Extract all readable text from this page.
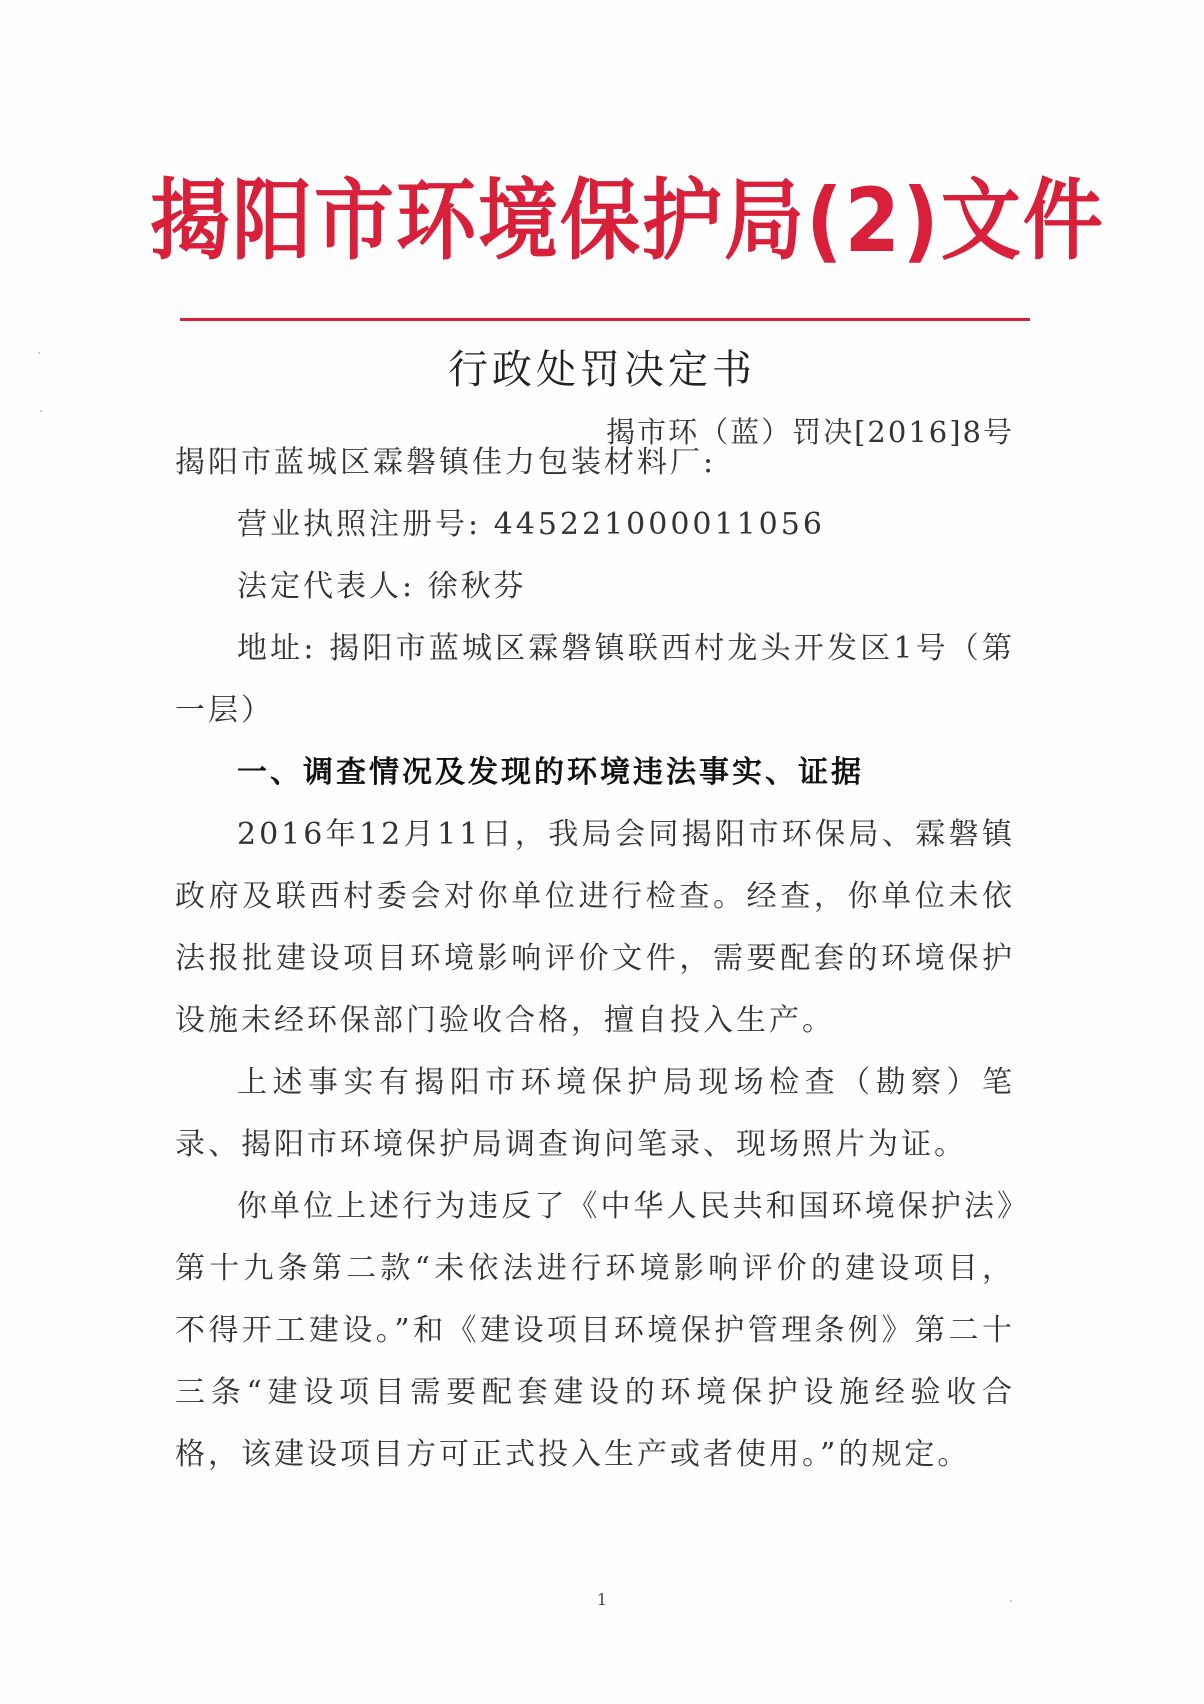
揭阳市环境保护局(2)文件
行政处罚决定书
揭市环（蓝）罚决[2016]8号

揭阳市蓝城区霖磐镇佳力包装材料厂:

营业执照注册号: 445221000011056

法定代表人: 徐秋芬

地址: 揭阳市蓝城区霖磐镇联西村龙头开发区1号（第一层）

一、调查情况及发现的环境违法事实、证据

2016年12月11日，我局会同揭阳市环保局、霖磐镇政府及联西村委会对你单位进行检查。经查，你单位未依法报批建设项目环境影响评价文件，需要配套的环境保护设施未经环保部门验收合格，擅自投入生产。

上述事实有揭阳市环境保护局现场检查（勘察）笔录、揭阳市环境保护局调查询问笔录、现场照片为证。

你单位上述行为违反了《中华人民共和国环境保护法》第十九条第二款“未依法进行环境影响评价的建设项目，不得开工建设。”和《建设项目环境保护管理条例》第二十三条“建设项目需要配套建设的环境保护设施经验收合格，该建设项目方可正式投入生产或者使用。”的规定。

1
